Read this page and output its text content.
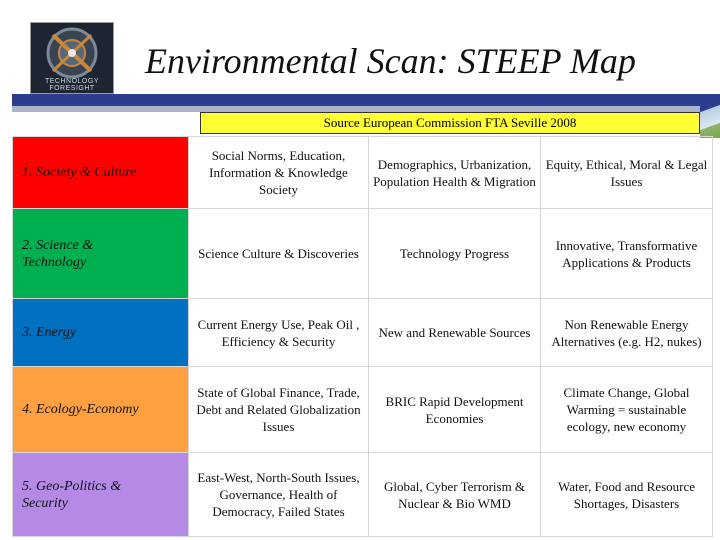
TECHNOLOGY FORESIGHT
Environmental Scan: STEEP Map
Source European Commission FTA Seville 2008
1. Society & Culture	Social Norms, Education, Information & Knowledge Society	Demographics, Urbanization, Population Health & Migration	Equity, Ethical, Moral & Legal Issues
2. Science & Technology	Science Culture & Discoveries	Technology Progress	Innovative, Transformative Applications & Products
3. Energy	Current Energy Use, Peak Oil , Efficiency & Security	New and Renewable Sources	Non Renewable Energy Alternatives (e.g. H2, nukes)
4. Ecology-Economy	State of Global Finance, Trade, Debt and Related Globalization Issues	BRIC Rapid Development Economies	Climate Change, Global Warming = sustainable ecology, new economy
5. Geo-Politics & Security	East-West, North-South Issues, Governance, Health of Democracy, Failed States	Global, Cyber Terrorism & Nuclear & Bio WMD	Water, Food and Resource Shortages, Disasters
